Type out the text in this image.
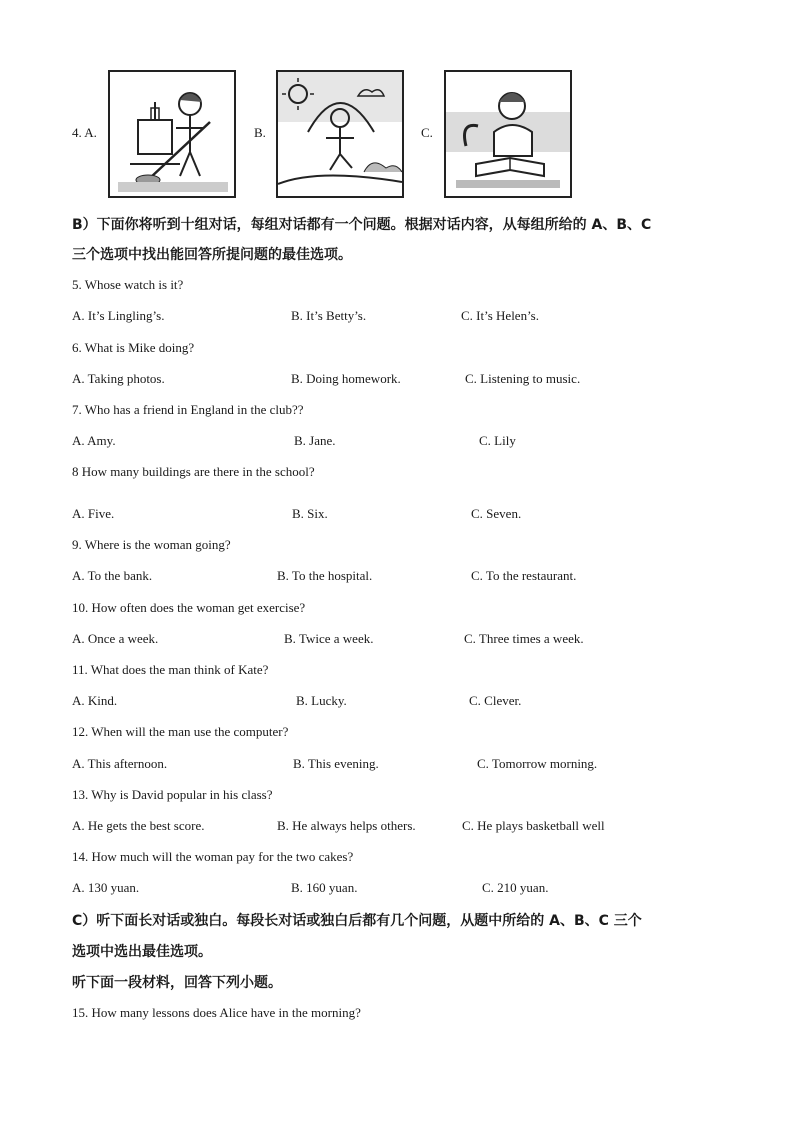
4. A.	B.	C.
B）下面你将听到十组对话，每组对话都有一个问题。根据对话内容，从每组所给的 A、B、C
三个选项中找出能回答所提问题的最佳选项。
5. Whose watch is it?
A. It’s Lingling’s.	B. It’s Betty’s.	C. It’s Helen’s.
6. What is Mike doing?
A. Taking photos.	B. Doing homework.	C. Listening to music.
7. Who has a friend in England in the club??
A. Amy.	B. Jane.	C. Lily
8 How many buildings are there in the school?
A. Five.	B. Six.	C. Seven.
9. Where is the woman going?
A. To the bank.	B. To the hospital.	C. To the restaurant.
10. How often does the woman get exercise?
A. Once a week.	B. Twice a week.	C. Three times a week.
11. What does the man think of Kate?
A. Kind.	B. Lucky.	C. Clever.
12. When will the man use the computer?
A. This afternoon.	B. This evening.	C. Tomorrow morning.
13. Why is David popular in his class?
A. He gets the best score.	B. He always helps others.	C. He plays basketball well
14. How much will the woman pay for the two cakes?
A. 130 yuan.	B. 160 yuan.	C. 210 yuan.
C）听下面长对话或独白。每段长对话或独白后都有几个问题，从题中所给的 A、B、C 三个
选项中选出最佳选项。
听下面一段材料，回答下列小题。
15. How many lessons does Alice have in the morning?
